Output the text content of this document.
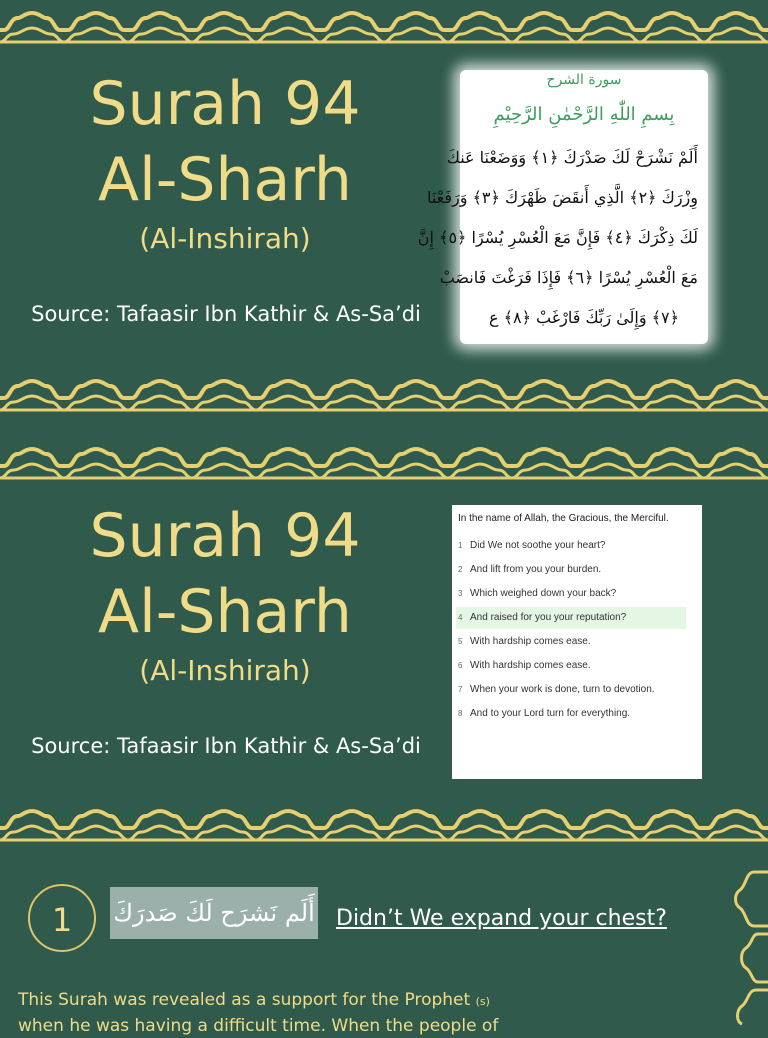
Surah 94
Al-Sharh
(Al-Inshirah)
Source: Tafaasir Ibn Kathir & As-Sa’di
سورة الشرح
بِسمِ اللّٰهِ الرَّحْمٰنِ الرَّحِيْمِ
أَلَمْ نَشْرَحْ لَكَ صَدْرَكَ ﴿١﴾ وَوَضَعْنَا عَنكَ
وِزْرَكَ ﴿٢﴾ الَّذِي أَنقَضَ ظَهْرَكَ ﴿٣﴾ وَرَفَعْنَا
لَكَ ذِكْرَكَ ﴿٤﴾ فَإِنَّ مَعَ الْعُسْرِ يُسْرًا ﴿٥﴾ إِنَّ
مَعَ الْعُسْرِ يُسْرًا ﴿٦﴾ فَإِذَا فَرَغْتَ فَانصَبْ
﴿٧﴾ وَإِلَىٰ رَبِّكَ فَارْغَبْ ﴿٨﴾ ع
Surah 94
Al-Sharh
(Al-Inshirah)
Source: Tafaasir Ibn Kathir & As-Sa’di
In the name of Allah, the Gracious, the Merciful.
1 Did We not soothe your heart?
2 And lift from you your burden.
3 Which weighed down your back?
4 And raised for you your reputation?
5 With hardship comes ease.
6 With hardship comes ease.
7 When your work is done, turn to devotion.
8 And to your Lord turn for everything.
1	أَلَم نَشرَح لَكَ صَدرَكَ Didn’t We expand your chest?
This Surah was revealed as a support for the Prophet (s)
when he was having a difficult time. When the people of
